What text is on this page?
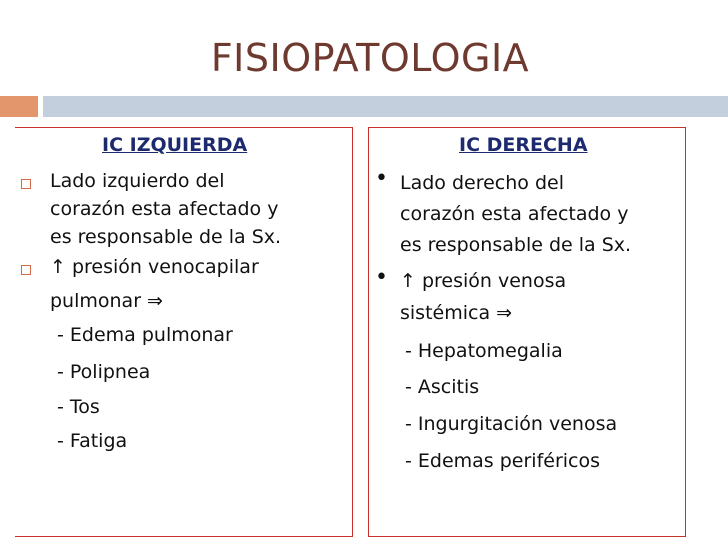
FISIOPATOLOGIA
IC IZQUIERDA
Lado izquierdo del
corazón esta afectado y
es responsable de la Sx.
↑ presión venocapilar
pulmonar ⇒
- Edema pulmonar
- Polipnea
- Tos
- Fatiga
IC DERECHA
• Lado derecho del
corazón esta afectado y
es responsable de la Sx.
• ↑ presión venosa
sistémica ⇒
- Hepatomegalia
- Ascitis
- Ingurgitación venosa
- Edemas periféricos
